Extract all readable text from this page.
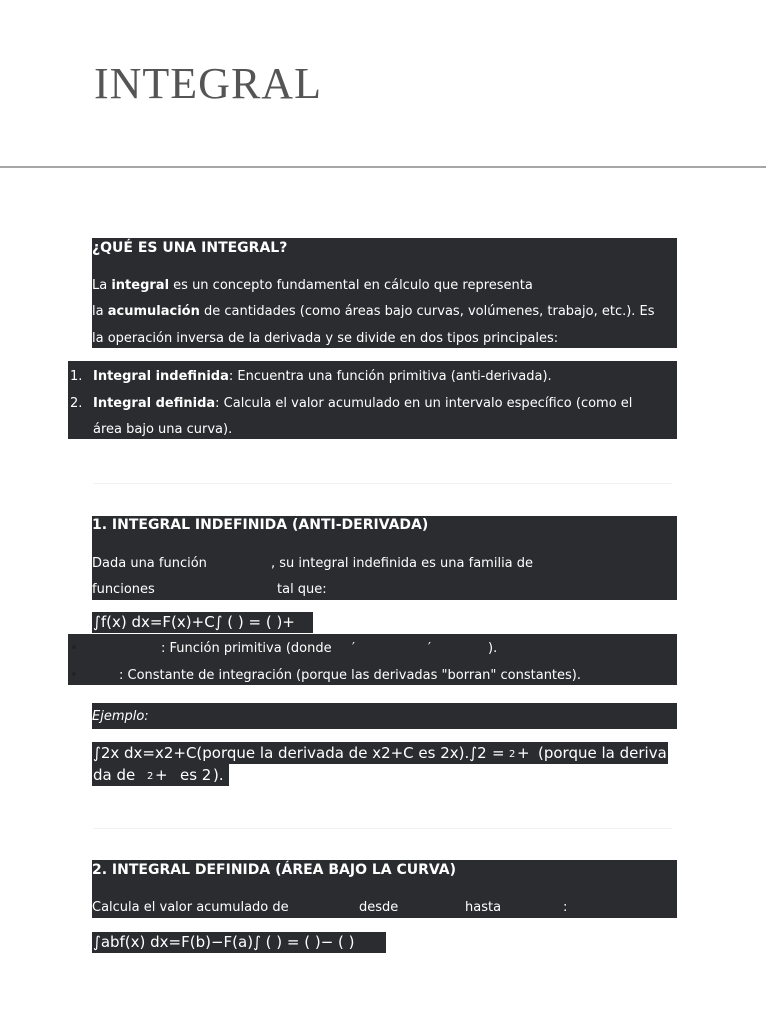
INTEGRAL
¿QUÉ ES UNA INTEGRAL?
La integral es un concepto fundamental en cálculo que representa
la acumulación de cantidades (como áreas bajo curvas, volúmenes, trabajo, etc.). Es
la operación inversa de la derivada y se divide en dos tipos principales:
1. Integral indefinida: Encuentra una función primitiva (anti-derivada).
2. Integral definida: Calcula el valor acumulado en un intervalo específico (como el
área bajo una curva).
1. INTEGRAL INDEFINIDA (ANTI-DERIVADA)
Dada una función	, su integral indefinida es una familia de
funciones	tal que:
∫f(x) dx=F(x)+C∫ ( ) = ( )+
: Función primitiva (donde ′	′	).
: Constante de integración (porque las derivadas "borran" constantes).
•
•
Ejemplo:
∫2x dx=x2+C(porque la derivada de x2+C es 2x).∫2 = 2 + (porque la deriva
da de 2 + es 2 ).
2. INTEGRAL DEFINIDA (ÁREA BAJO LA CURVA)
Calcula el valor acumulado de	desde	hasta	:
∫abf(x) dx=F(b)−F(a)∫ ( ) = ( )− ( )
